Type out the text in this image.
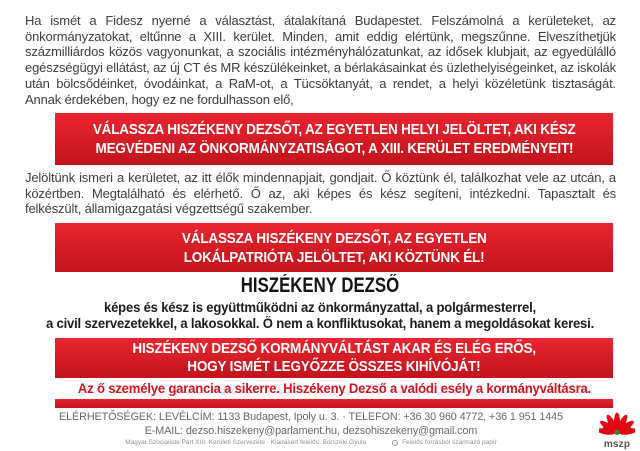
Ha ismét a Fidesz nyerné a választást, átalakítaná Budapestet. Felszámolná a kerületeket, az önkormányzatokat, eltűnne a XIII. kerület. Minden, amit eddig elértünk, megszűnne. Elveszíthetjük százmilliárdos közös vagyonunkat, a szociális intézményhálózatunkat, az idősek klubjait, az egyedülálló egészségügyi ellátást, az új CT és MR készülékeinket, a bérlakásainkat és üzlethelyiségeinket, az iskolák után bölcsődéinket, óvodáinkat, a RaM-ot, a Tücsöktanyát, a rendet, a helyi közéletünk tisztaságát. Annak érdekében, hogy ez ne fordulhasson elő,
VÁLASSZA HISZÉKENY DEZSŐT, AZ EGYETLEN HELYI JELÖLTET, AKI KÉSZ
MEGVÉDENI AZ ÖNKORMÁNYZATISÁGOT, A XIII. KERÜLET EREDMÉNYEIT!
Jelöltünk ismeri a kerületet, az itt élők mindennapjait, gondjait. Ő köztünk él, találkozhat vele az utcán, a közértben. Megtalálható és elérhető. Ő az, aki képes és kész segíteni, intézkedni. Tapasztalt és felkészült, államigazgatási végzettségű szakember.
VÁLASSZA HISZÉKENY DEZSŐT, AZ EGYETLEN
LOKÁLPATRIÓTA JELÖLTET, AKI KÖZTÜNK ÉL!
HISZÉKENY DEZSŐ
képes és kész is együttműködni az önkormányzattal, a polgármesterrel,
a civil szervezetekkel, a lakosokkal. Ő nem a konfliktusokat, hanem a megoldásokat keresi.
HISZÉKENY DEZSŐ KORMÁNYVÁLTÁST AKAR ÉS ELÉG ERŐS,
HOGY ISMÉT LEGYŐZZE ÖSSZES KIHÍVÓJÁT!
Az ő személye garancia a sikerre. Hiszékeny Dezső a valódi esély a kormányváltásra.
ELÉRHETŐSÉGEK: LEVÉLCÍM: 1133 Budapest, Ipoly u. 3. · TELEFON: +36 30 960 4772, +36 1 951 1445
E-MAIL: dezso.hiszekeny@parlament.hu, dezsohiszekeny@gmail.com
Magyar Szocialista Párt XIII. Kerületi Szervezete · Kiadásért felelős: Borszéki Gyula	Felelős forrásból származó papír	mszp
